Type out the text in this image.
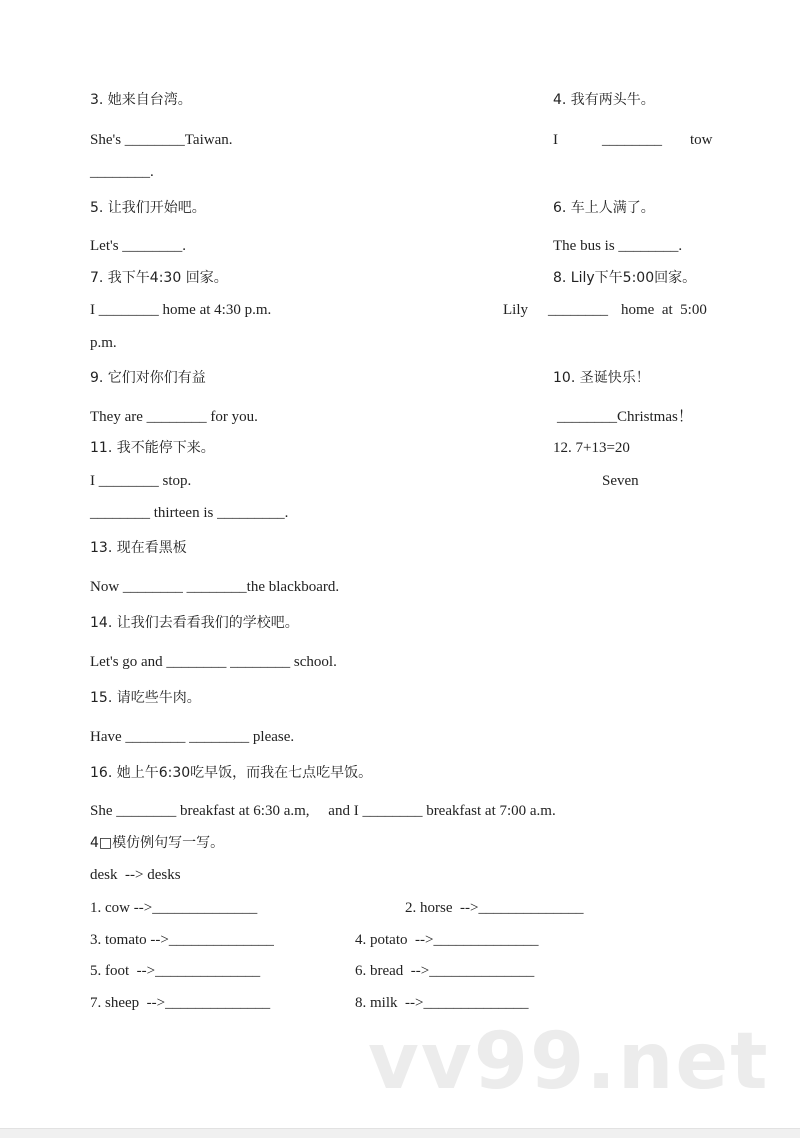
vv99.net
3. 她来自台湾。	4. 我有两头牛。
She's ________Taiwan.	I	________ tow
________.
5. 让我们开始吧。	6. 车上人满了。
Let's ________.	The bus is ________.
7. 我下午4:30 回家。	8. Lily下午5:00回家。
I ________ home at 4:30 p.m.	Lily ________ home  at  5:00
p.m.
9. 它们对你们有益	10. 圣诞快乐！
They are ________ for you.	________Christmas！
11. 我不能停下来。	12. 7+13=20
I ________ stop.	Seven
________ thirteen is _________.
13. 现在看黑板
Now ________ ________the blackboard.
14. 让我们去看看我们的学校吧。
Let's go and ________ ________ school.
15. 请吃些牛肉。
Have ________ ________ please.
16. 她上午6:30吃早饭，而我在七点吃早饭。
She ________ breakfast at 6:30 a.m,     and I ________ breakfast at 7:00 a.m.
4□模仿例句写一写。
desk  --> desks
1. cow -->______________	2. horse  -->______________
3. tomato -->______________	4. potato  -->______________
5. foot  -->______________	6. bread  -->______________
7. sheep  -->______________	8. milk  -->______________
